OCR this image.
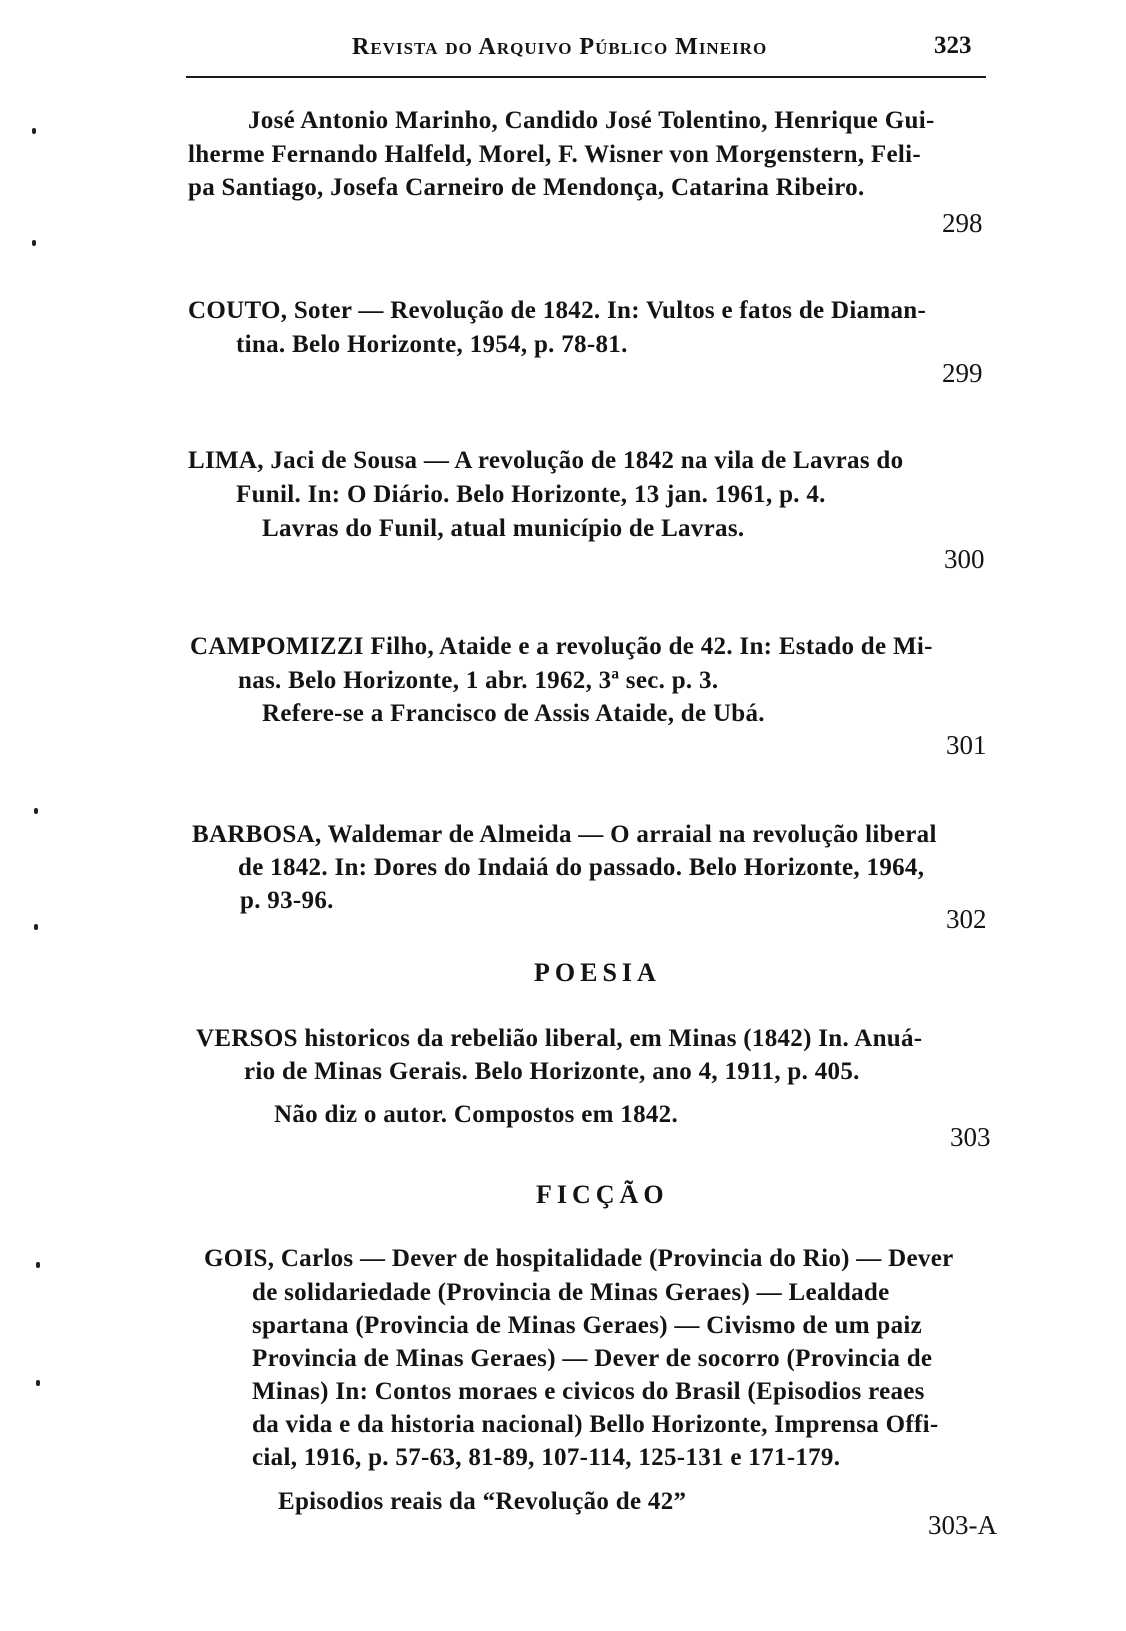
Revista do Arquivo Público Mineiro	323
José Antonio Marinho, Candido José Tolentino, Henrique Gui-
lherme Fernando Halfeld, Morel, F. Wisner von Morgenstern, Feli-
pa Santiago, Josefa Carneiro de Mendonça, Catarina Ribeiro.
298
COUTO, Soter — Revolução de 1842. In: Vultos e fatos de Diaman-
tina. Belo Horizonte, 1954, p. 78-81.
299
LIMA, Jaci de Sousa — A revolução de 1842 na vila de Lavras do
Funil. In: O Diário. Belo Horizonte, 13 jan. 1961, p. 4.
Lavras do Funil, atual município de Lavras.
300
CAMPOMIZZI Filho, Ataide e a revolução de 42. In: Estado de Mi-
nas. Belo Horizonte, 1 abr. 1962, 3ª sec. p. 3.
Refere-se a Francisco de Assis Ataide, de Ubá.
301
BARBOSA, Waldemar de Almeida — O arraial na revolução liberal
de 1842. In: Dores do Indaiá do passado. Belo Horizonte, 1964,
p. 93-96.
302
POESIA
VERSOS historicos da rebelião liberal, em Minas (1842) In. Anuá-
rio de Minas Gerais. Belo Horizonte, ano 4, 1911, p. 405.
Não diz o autor. Compostos em 1842.
303
FICÇÃO
GOIS, Carlos — Dever de hospitalidade (Provincia do Rio) — Dever
de solidariedade (Provincia de Minas Geraes) — Lealdade
spartana (Provincia de Minas Geraes) — Civismo de um paiz
Provincia de Minas Geraes) — Dever de socorro (Provincia de
Minas) In: Contos moraes e civicos do Brasil (Episodios reaes
da vida e da historia nacional) Bello Horizonte, Imprensa Offi-
cial, 1916, p. 57-63, 81-89, 107-114, 125-131 e 171-179.
Episodios reais da “Revolução de 42”
303-A
